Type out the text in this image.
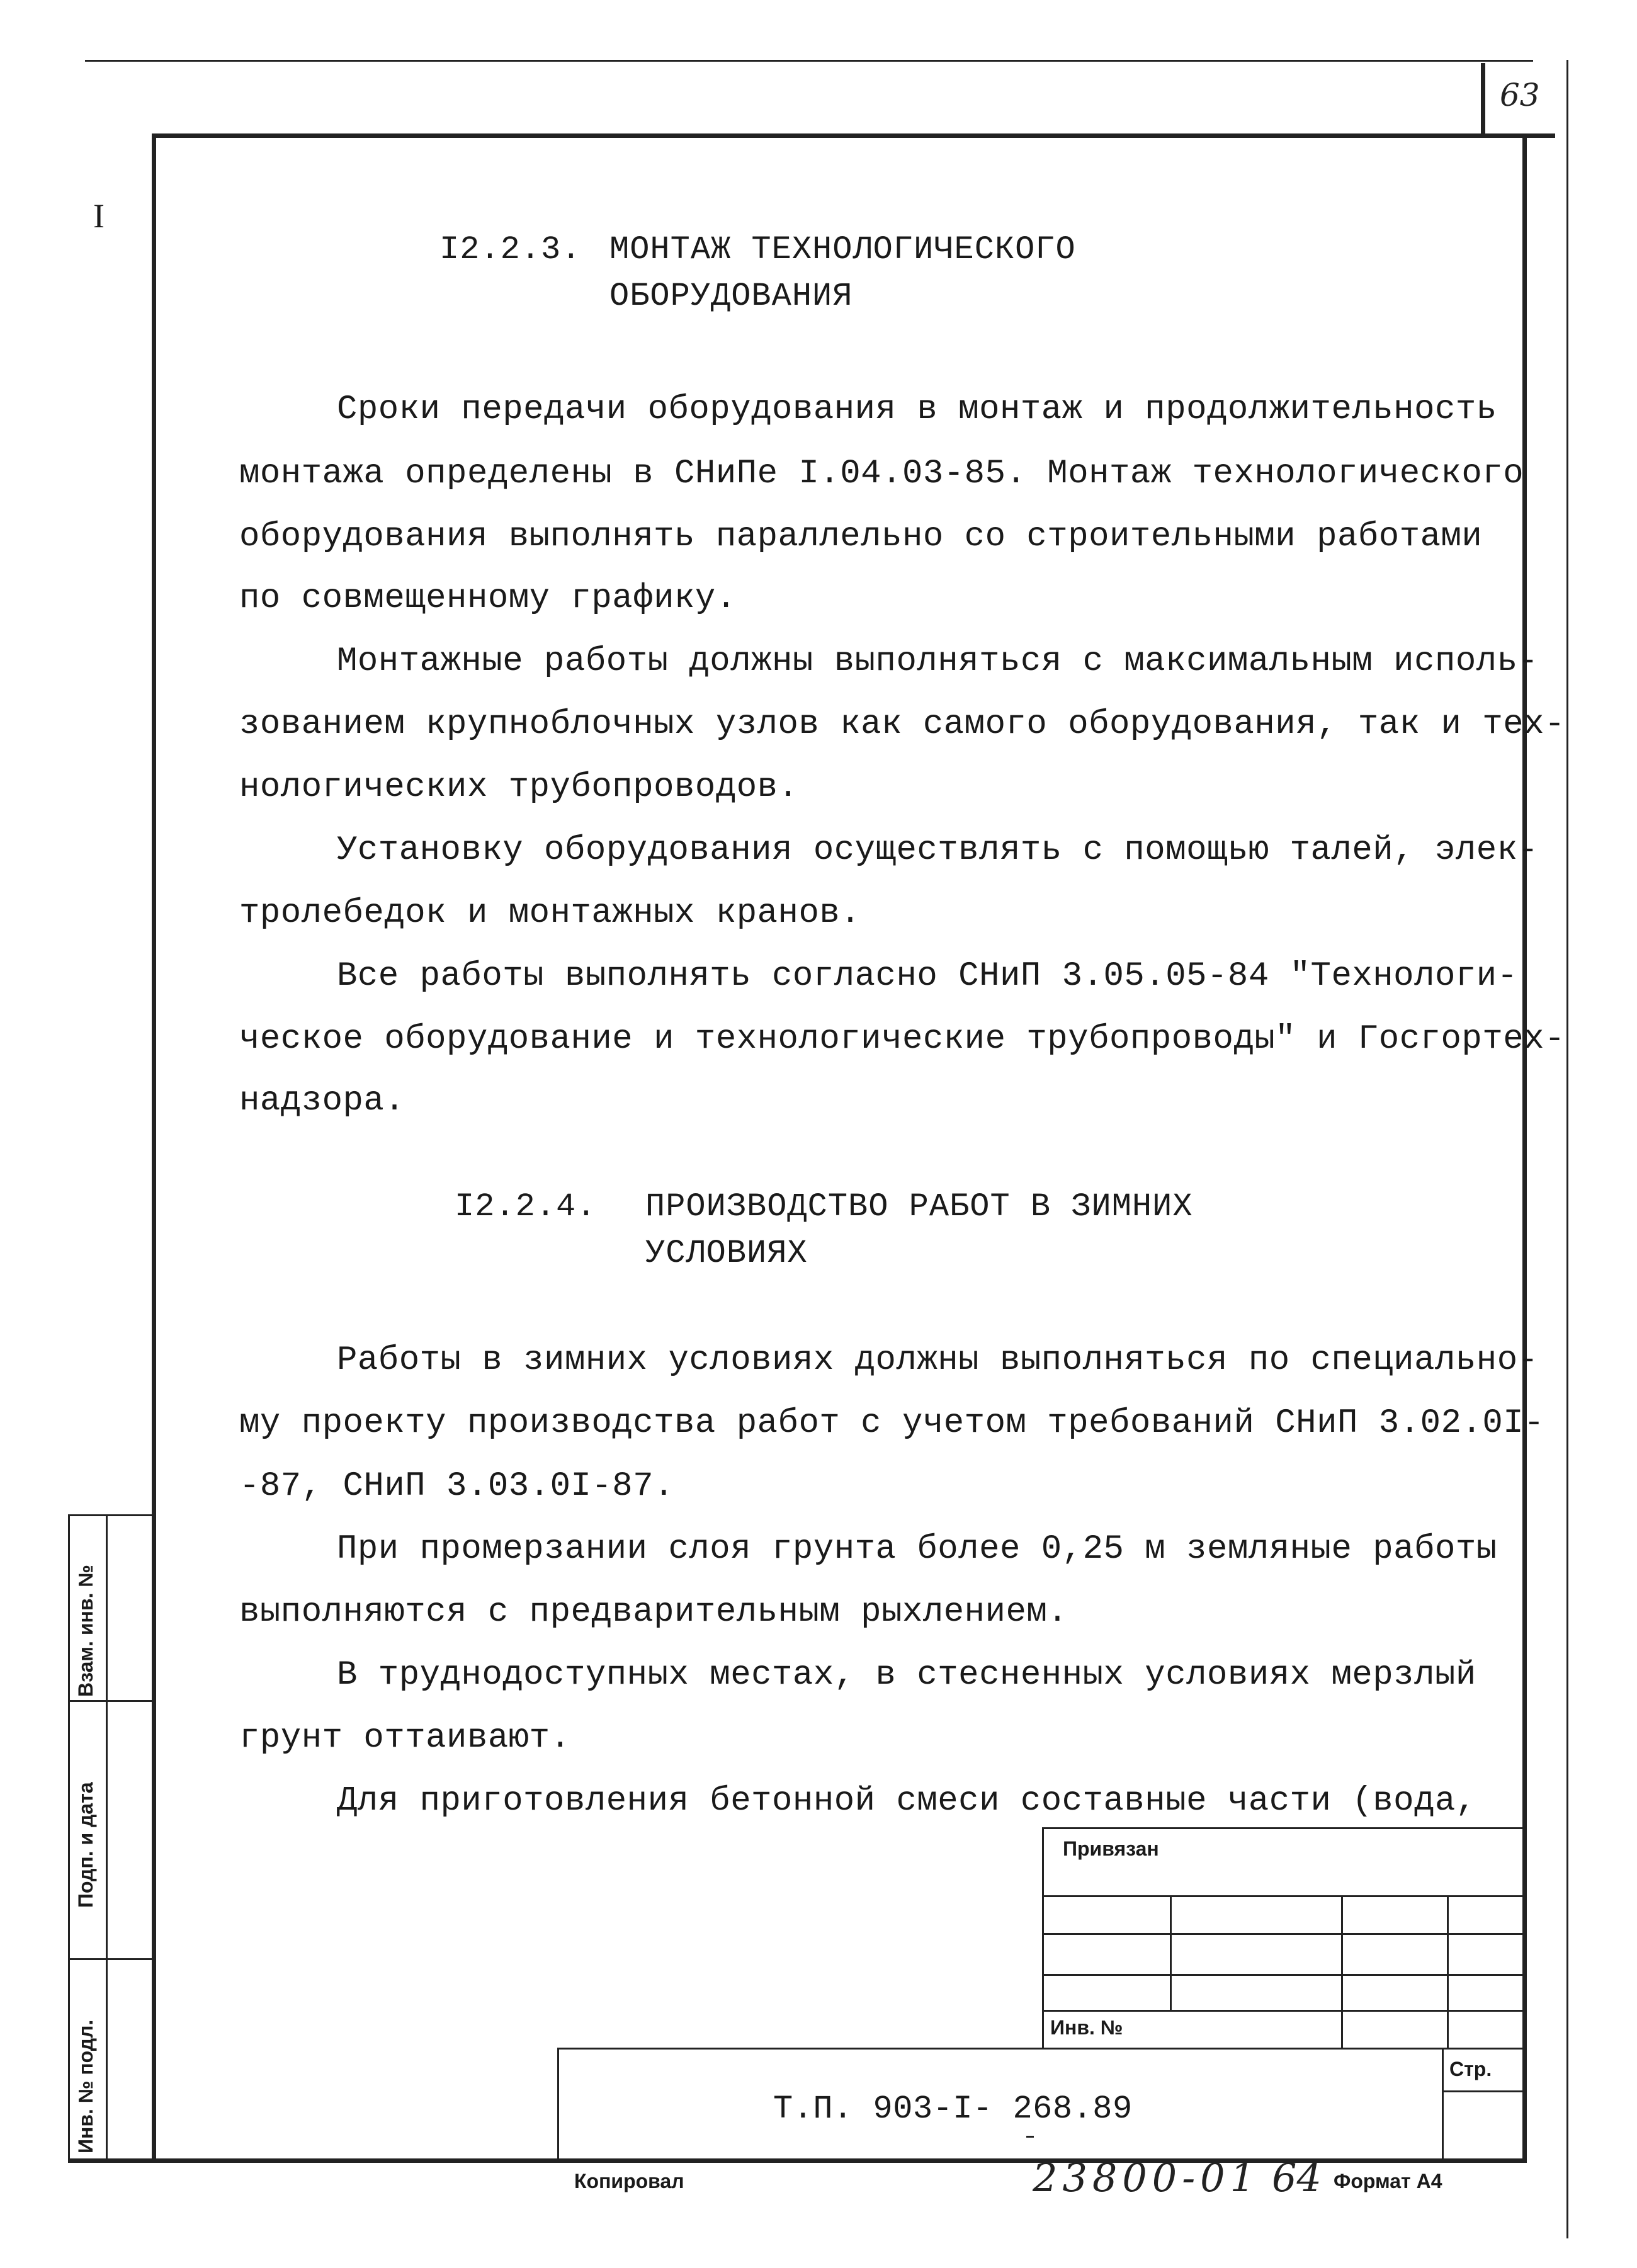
63
I
I2.2.3. МОНТАЖ ТЕХНОЛОГИЧЕСКОГО
ОБОРУДОВАНИЯ
Сроки передачи оборудования в монтаж и продолжительность
монтажа определены в СНиПе I.04.03-85. Монтаж технологического
оборудования выполнять параллельно со строительными работами
по совмещенному графику.
Монтажные работы должны выполняться с максимальным исполь-
зованием крупноблочных узлов как самого оборудования, так и тех-
нологических трубопроводов.
Установку оборудования осуществлять с помощью талей, элек-
тролебедок и монтажных кранов.
Все работы выполнять согласно СНиП 3.05.05-84 "Технологи-
ческое оборудование и технологические трубопроводы" и Госгортех-
надзора.
I2.2.4. ПРОИЗВОДСТВО РАБОТ В ЗИМНИХ
УСЛОВИЯХ
Работы в зимних условиях должны выполняться по специально-
му проекту производства работ с учетом требований СНиП 3.02.0I-
-87, СНиП 3.03.0I-87.
При промерзании слоя грунта более 0,25 м земляные работы
выполняются с предварительным рыхлением.
В труднодоступных местах, в стесненных условиях мерзлый
грунт оттаивают.
Для приготовления бетонной смеси составные части (вода,
Привязан
Инв. №
Стр.
Т.П. 903-I- 268.89
Взам. инв. №
Подп. и дата
Инв. № подл.
Копировал	23800-01 64 Формат А4
